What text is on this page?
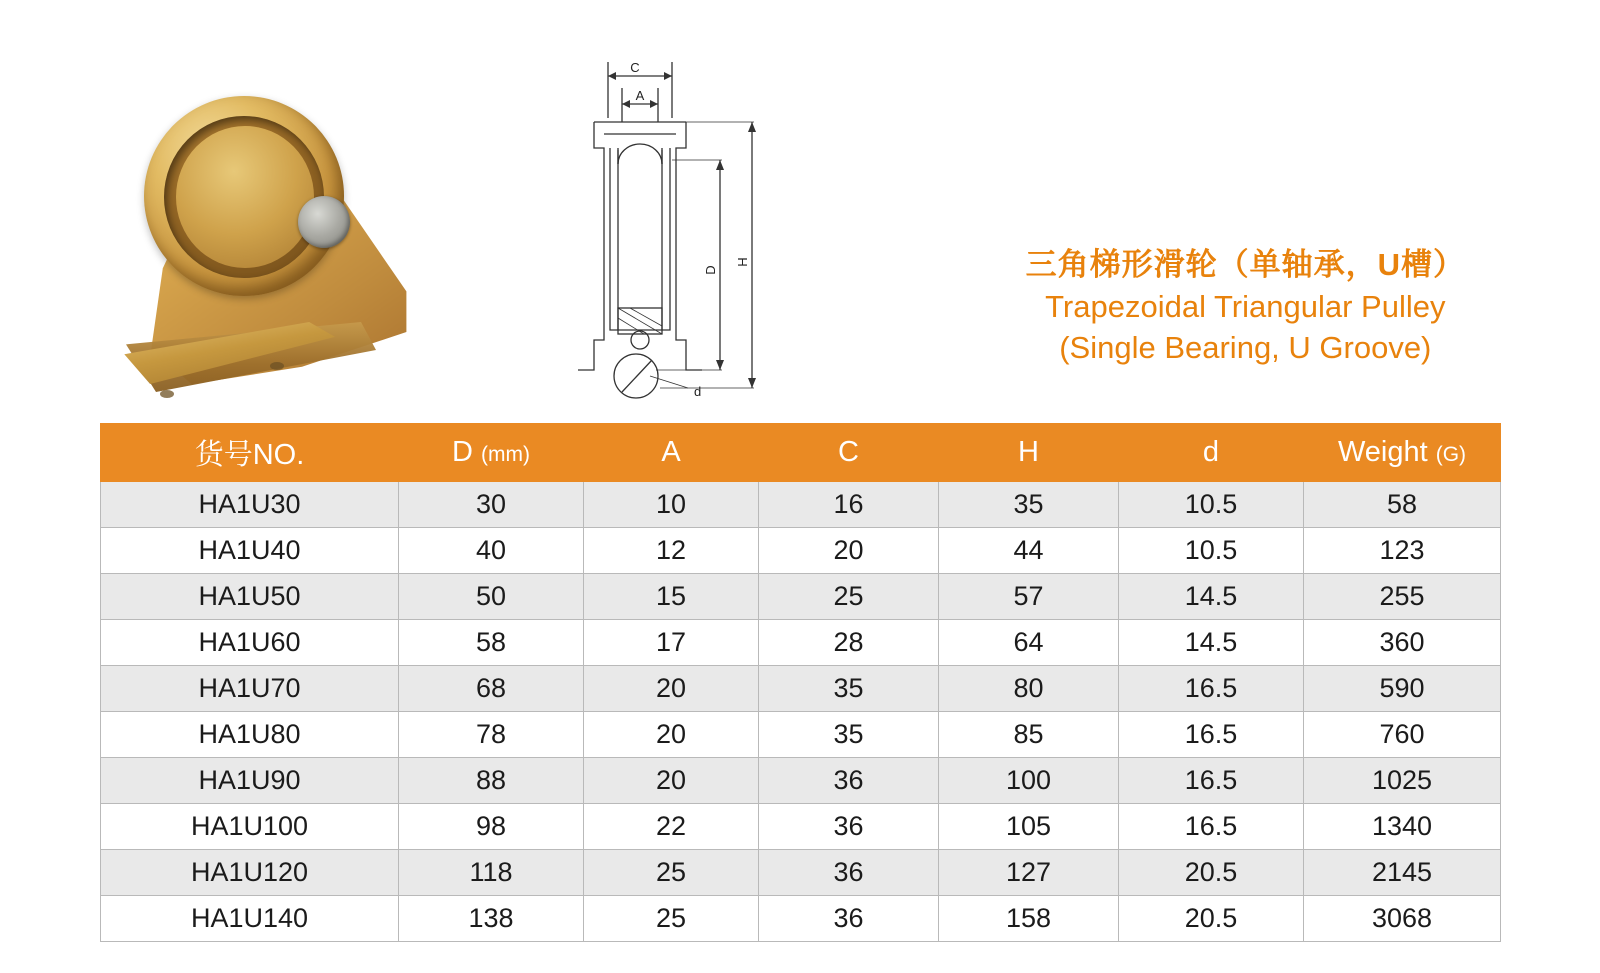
C
A
d
D
H	三角梯形滑轮（单轴承，U槽）
Trapezoidal Triangular Pulley
(Single Bearing, U Groove)
货号NO.	D (mm)	A	C	H	d	Weight (G)
HA1U30	30	10	16	35	10.5	58
HA1U40	40	12	20	44	10.5	123
HA1U50	50	15	25	57	14.5	255
HA1U60	58	17	28	64	14.5	360
HA1U70	68	20	35	80	16.5	590
HA1U80	78	20	35	85	16.5	760
HA1U90	88	20	36	100	16.5	1025
HA1U100	98	22	36	105	16.5	1340
HA1U120	118	25	36	127	20.5	2145
HA1U140	138	25	36	158	20.5	3068
